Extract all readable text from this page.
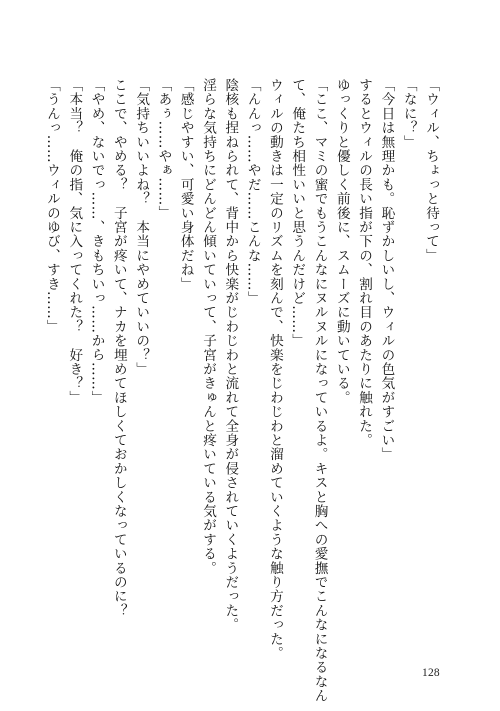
「ウィル、ちょっと待って」

「なに？」

「今日は無理かも。恥ずかしいし、ウィルの色気がすごい」

するとウィルの長い指が下の、割れ目のあたりに触れた。

ゆっくりと優しく前後に、スムーズに動いている。

「ここ、マミの蜜でもうこんなにヌルヌルになっているよ。キスと胸への愛撫でこんなになるなん

て、俺たち相性いいと思うんだけど……」

ウィルの動きは一定のリズムを刻んで、快楽をじわじわと溜めていくような触り方だった。

「んんっ……やだ……こんな……」

陰核も捏ねられて、背中から快楽がじわじわと流れて全身が侵されていくようだった。

淫らな気持ちにどんどん傾いていって、子宮がきゅんと疼いている気がする。

「感じやすい、可愛い身体だね」

「あぅ……やぁ……」

「気持ちいいよね？　本当にやめていいの？」

ここで、やめる？　子宮が疼いて、ナカを埋めてほしくておかしくなっているのに？

「やめ、ないでっ……、きもちいっ……から……」

「本当？　俺の指、気に入ってくれた？　好き？」

「うんっ……ウィルのゆび、すき……」

128
